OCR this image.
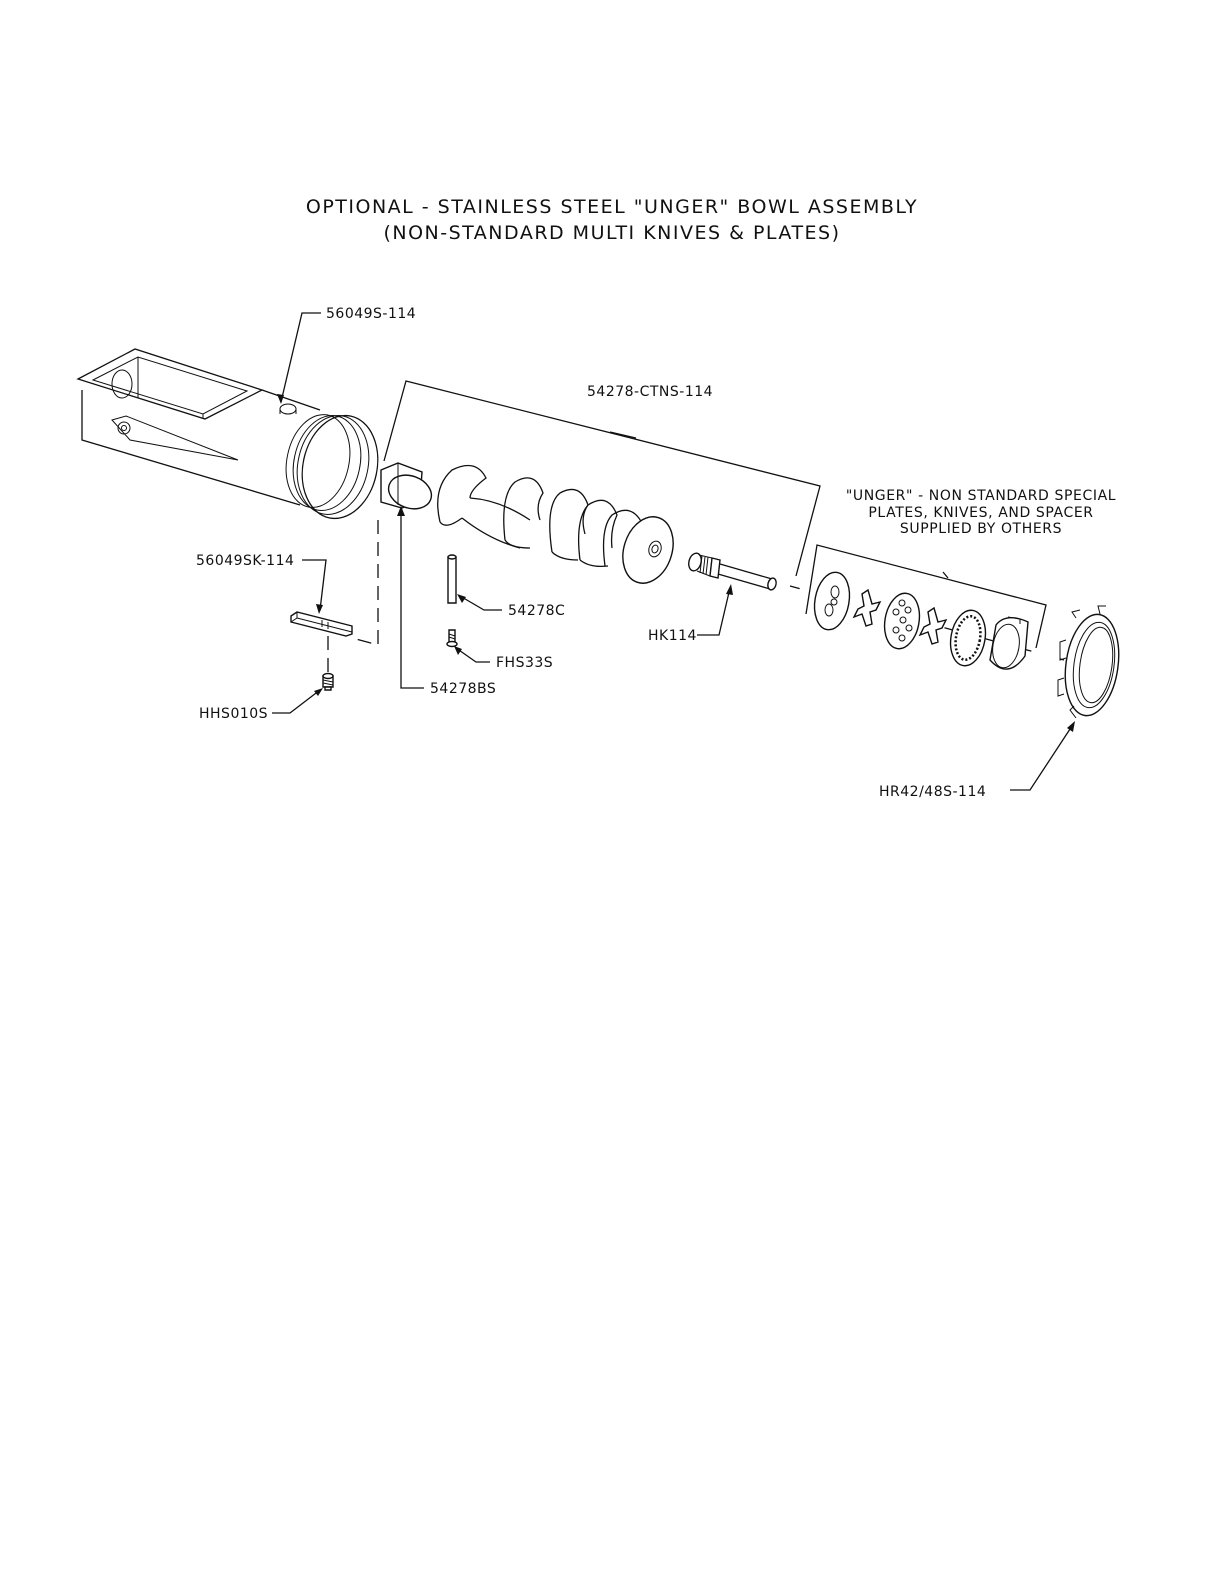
OPTIONAL - STAINLESS STEEL "UNGER" BOWL ASSEMBLY
(NON-STANDARD MULTI KNIVES & PLATES)
56049S-114
56049SK-114
HHS010S
54278BS
54278-CTNS-114
54278C
FHS33S
HK114
"UNGER" - NON STANDARD SPECIAL
PLATES, KNIVES, AND SPACER
SUPPLIED BY OTHERS
HR42/48S-114
